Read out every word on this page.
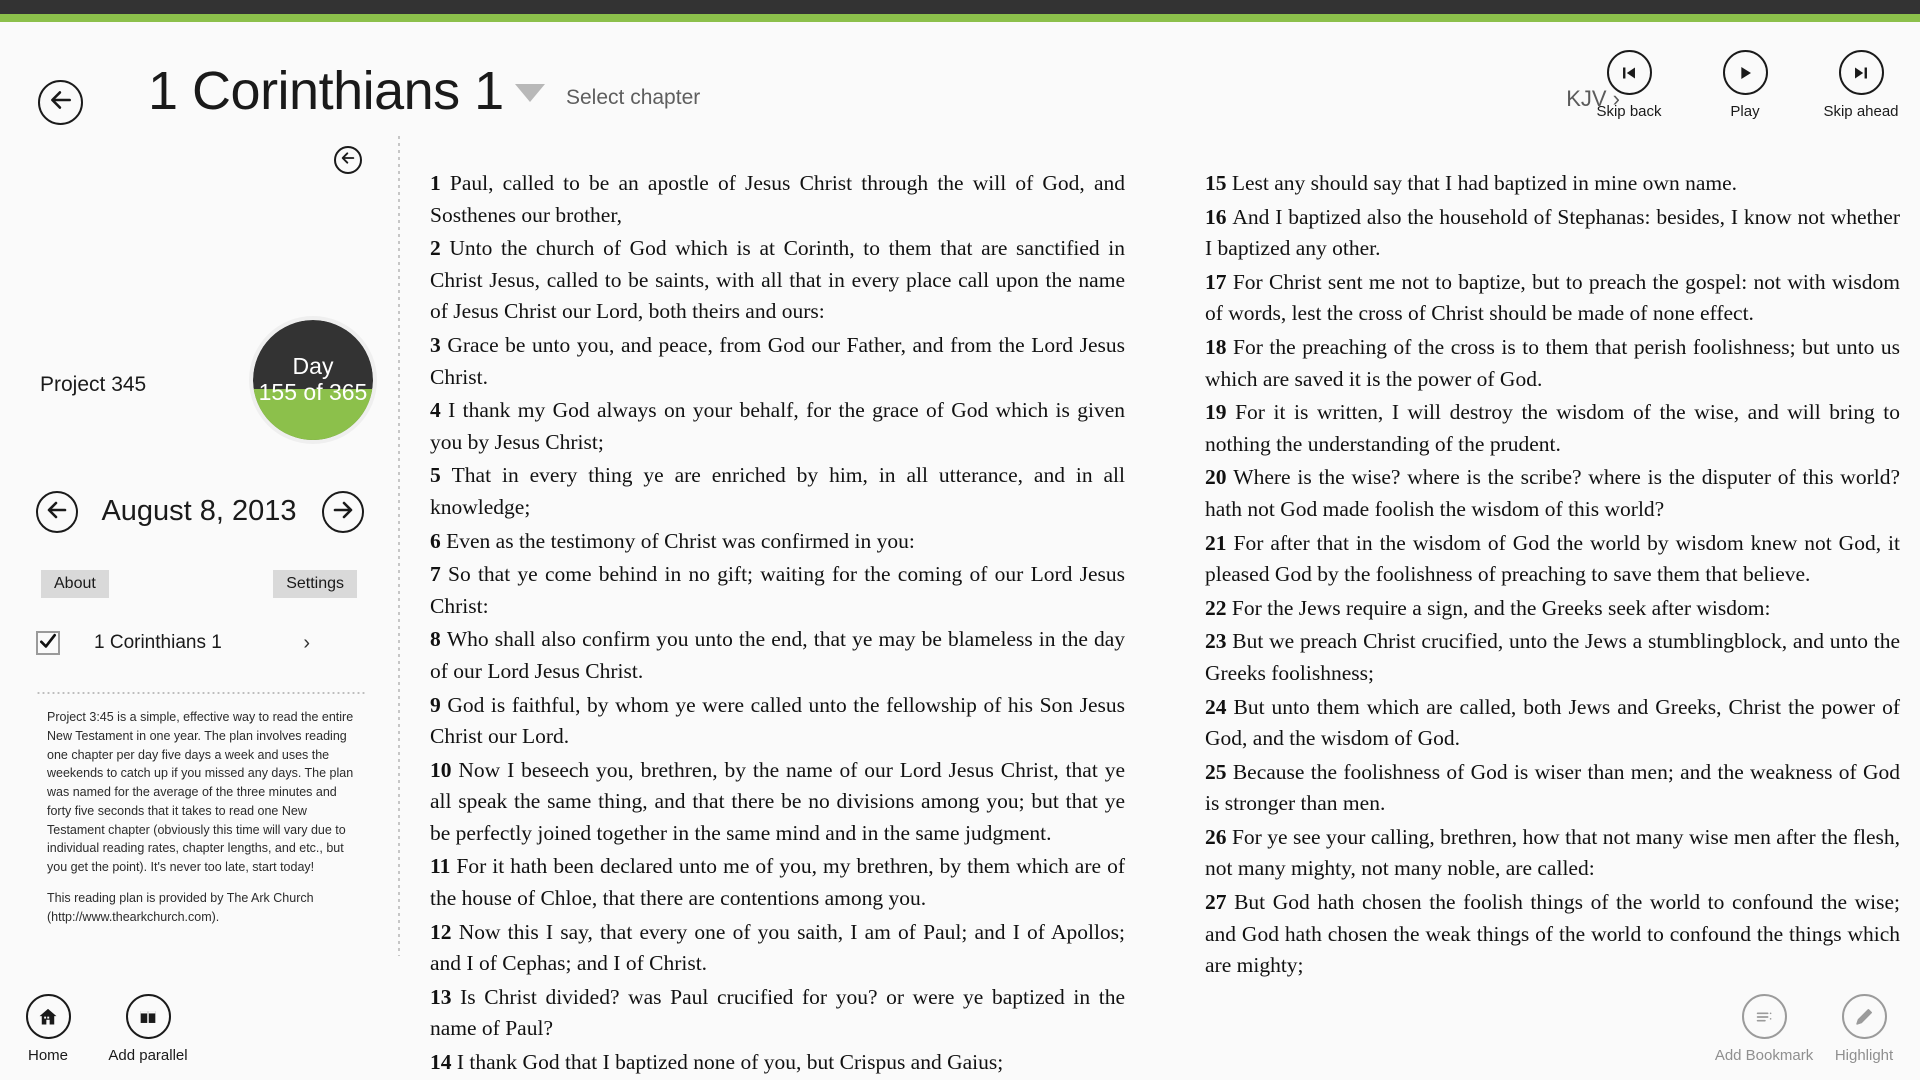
1 Corinthians 1	Select chapter	KJV ›
Skip back	Play	Skip ahead
Project 345
Day
155 of 365
August 8, 2013
About	Settings
1 Corinthians 1	›

Project 3:45 is a simple, effective way to read the entire New Testament in one year. The plan involves reading one chapter per day five days a week and uses the weekends to catch up if you missed any days. The plan was named for the average of the three minutes and forty five seconds that it takes to read one New Testament chapter (obviously this time will vary due to individual reading rates, chapter lengths, and etc., but you get the point). It's never too late, start today!

This reading plan is provided by The Ark Church (http://www.thearkchurch.com).

1 Paul, called to be an apostle of Jesus Christ through the will of God, and Sosthenes our brother,

2 Unto the church of God which is at Corinth, to them that are sanctified in Christ Jesus, called to be saints, with all that in every place call upon the name of Jesus Christ our Lord, both theirs and ours:

3 Grace be unto you, and peace, from God our Father, and from the Lord Jesus Christ.

4 I thank my God always on your behalf, for the grace of God which is given you by Jesus Christ;

5 That in every thing ye are enriched by him, in all utterance, and in all knowledge;

6 Even as the testimony of Christ was confirmed in you:

7 So that ye come behind in no gift; waiting for the coming of our Lord Jesus Christ:

8 Who shall also confirm you unto the end, that ye may be blameless in the day of our Lord Jesus Christ.

9 God is faithful, by whom ye were called unto the fellowship of his Son Jesus Christ our Lord.

10 Now I beseech you, brethren, by the name of our Lord Jesus Christ, that ye all speak the same thing, and that there be no divisions among you; but that ye be perfectly joined together in the same mind and in the same judgment.

11 For it hath been declared unto me of you, my brethren, by them which are of the house of Chloe, that there are contentions among you.

12 Now this I say, that every one of you saith, I am of Paul; and I of Apollos; and I of Cephas; and I of Christ.

13 Is Christ divided? was Paul crucified for you? or were ye baptized in the name of Paul?

14 I thank God that I baptized none of you, but Crispus and Gaius;

15 Lest any should say that I had baptized in mine own name.

16 And I baptized also the household of Stephanas: besides, I know not whether I baptized any other.

17 For Christ sent me not to baptize, but to preach the gospel: not with wisdom of words, lest the cross of Christ should be made of none effect.

18 For the preaching of the cross is to them that perish foolishness; but unto us which are saved it is the power of God.

19 For it is written, I will destroy the wisdom of the wise, and will bring to nothing the understanding of the prudent.

20 Where is the wise? where is the scribe? where is the disputer of this world? hath not God made foolish the wisdom of this world?

21 For after that in the wisdom of God the world by wisdom knew not God, it pleased God by the foolishness of preaching to save them that believe.

22 For the Jews require a sign, and the Greeks seek after wisdom:

23 But we preach Christ crucified, unto the Jews a stumblingblock, and unto the Greeks foolishness;

24 But unto them which are called, both Jews and Greeks, Christ the power of God, and the wisdom of God.

25 Because the foolishness of God is wiser than men; and the weakness of God is stronger than men.

26 For ye see your calling, brethren, how that not many wise men after the flesh, not many mighty, not many noble, are called:

27 But God hath chosen the foolish things of the world to confound the wise; and God hath chosen the weak things of the world to confound the things which are mighty;

Home	Add parallel	Add Bookmark Highlight
